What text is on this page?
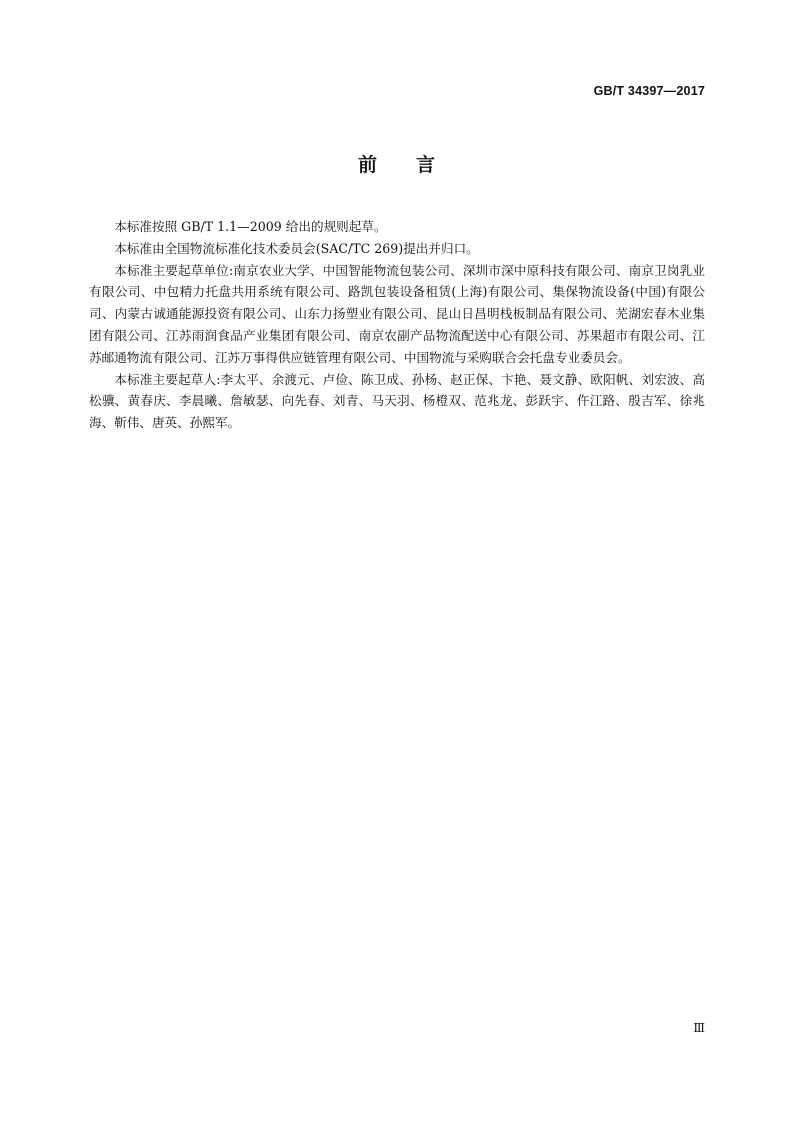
GB/T 34397—2017
前 言

本标准按照 GB/T 1.1—2009 给出的规则起草。

本标准由全国物流标准化技术委员会(SAC/TC 269)提出并归口。

本标准主要起草单位:南京农业大学、中国智能物流包装公司、深圳市深中原科技有限公司、南京卫岗乳业有限公司、中包精力托盘共用系统有限公司、路凯包装设备租赁(上海)有限公司、集保物流设备(中国)有限公司、内蒙古诚通能源投资有限公司、山东力扬塑业有限公司、昆山日昌明栈板制品有限公司、芜湖宏春木业集团有限公司、江苏雨润食品产业集团有限公司、南京农副产品物流配送中心有限公司、苏果超市有限公司、江苏邮通物流有限公司、江苏万事得供应链管理有限公司、中国物流与采购联合会托盘专业委员会。

本标准主要起草人:李太平、余渡元、卢俭、陈卫成、孙杨、赵正保、卞艳、聂文静、欧阳帆、刘宏波、高松骥、黄春庆、李晨曦、詹敏瑟、向先春、刘青、马天羽、杨橙双、范兆龙、彭跃宇、仵江路、殷吉军、徐兆海、靳伟、唐英、孙熙军。

Ⅲ
